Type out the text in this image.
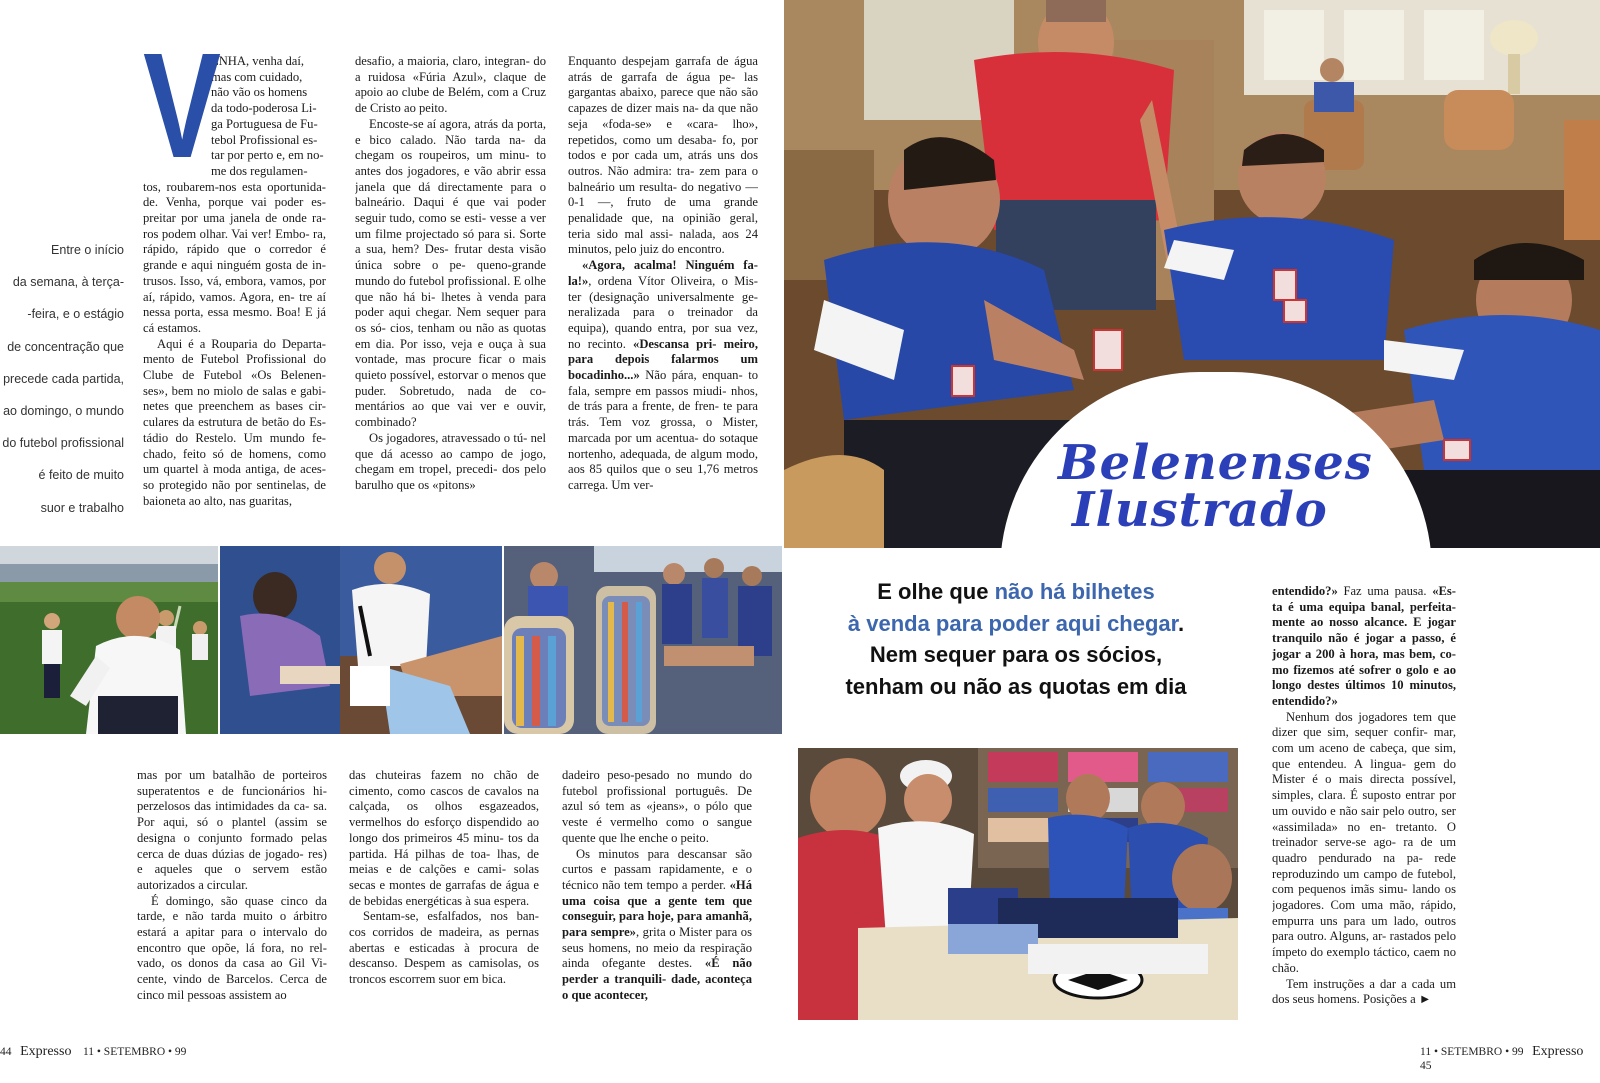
Entre o início
da semana, à terça-
-feira, e o estágio
de concentração que
precede cada partida,
ao domingo, o mundo
do futebol profissional
é feito de muito
suor e trabalho
V
ENHA, venha daí,
mas com cuidado,
não vão os homens
da todo-poderosa Li-
ga Portuguesa de Fu-
tebol Profissional es-
tar por perto e, em no-
me dos regulamen-

tos, roubarem-nos esta oportunida- de. Venha, porque vai poder es- preitar por uma janela de onde ra- ros podem olhar. Vai ver! Embo- ra, rápido, rápido que o corredor é grande e aqui ninguém gosta de in- trusos. Isso, vá, embora, vamos, por aí, rápido, vamos. Agora, en- tre aí nessa porta, essa mesmo. Boa! E já cá estamos.

Aqui é a Rouparia do Departa- mento de Futebol Profissional do Clube de Futebol «Os Belenen- ses», bem no miolo de salas e gabi- netes que preenchem as bases cir- culares da estrutura de betão do Es- tádio do Restelo. Um mundo fe- chado, feito só de homens, como um quartel à moda antiga, de aces- so protegido não por sentinelas, de baioneta ao alto, nas guaritas,

desafio, a maioria, claro, integran- do a ruidosa «Fúria Azul», claque de apoio ao clube de Belém, com a Cruz de Cristo ao peito.

Encoste-se aí agora, atrás da porta, e bico calado. Não tarda na- da chegam os roupeiros, um minu- to antes dos jogadores, e vão abrir essa janela que dá directamente para o balneário. Daqui é que vai poder seguir tudo, como se esti- vesse a ver um filme projectado só para si. Sorte a sua, hem? Des- frutar desta visão única sobre o pe- queno-grande mundo do futebol profissional. E olhe que não há bi- lhetes à venda para poder aqui chegar. Nem sequer para os só- cios, tenham ou não as quotas em dia. Por isso, veja e ouça à sua vontade, mas procure ficar o mais quieto possível, estorvar o menos que puder. Sobretudo, nada de co- mentários ao que vai ver e ouvir, combinado?

Os jogadores, atravessado o tú- nel que dá acesso ao campo de jogo, chegam em tropel, precedi- dos pelo barulho que os «pitons»

Enquanto despejam garrafa de água atrás de garrafa de água pe- las gargantas abaixo, parece que não são capazes de dizer mais na- da que não seja «foda-se» e «cara- lho», repetidos, como um desaba- fo, por todos e por cada um, atrás uns dos outros. Não admira: tra- zem para o balneário um resulta- do negativo — 0-1 —, fruto de uma grande penalidade que, na opinião geral, teria sido mal assi- nalada, aos 24 minutos, pelo juiz do encontro.

«Agora, acalma! Ninguém fa- la!», ordena Vítor Oliveira, o Mis- ter (designação universalmente ge- neralizada para o treinador da equipa), quando entra, por sua vez, no recinto. «Descansa pri- meiro, para depois falarmos um bocadinho...» Não pára, enquan- to fala, sempre em passos miudi- nhos, de trás para a frente, de fren- te para trás. Tem voz grossa, o Mister, marcada por um acentua- do sotaque nortenho, adequada, de algum modo, aos 85 quilos que o seu 1,76 metros carrega. Um ver-

mas por um batalhão de porteiros superatentos e de funcionários hi- perzelosos das intimidades da ca- sa. Por aqui, só o plantel (assim se designa o conjunto formado pelas cerca de duas dúzias de jogado- res) e aqueles que o servem estão autorizados a circular.

É domingo, são quase cinco da tarde, e não tarda muito o árbitro estará a apitar para o intervalo do encontro que opõe, lá fora, no rel- vado, os donos da casa ao Gil Vi- cente, vindo de Barcelos. Cerca de cinco mil pessoas assistem ao

das chuteiras fazem no chão de cimento, como cascos de cavalos na calçada, os olhos esgazeados, vermelhos do esforço dispendido ao longo dos primeiros 45 minu- tos da partida. Há pilhas de toa- lhas, de meias e de calções e cami- solas secas e montes de garrafas de água e de bebidas energéticas à sua espera.

Sentam-se, esfalfados, nos ban- cos corridos de madeira, as pernas abertas e esticadas à procura de descanso. Despem as camisolas, os troncos escorrem suor em bica.

dadeiro peso-pesado no mundo do futebol profissional português. De azul só tem as «jeans», o pólo que veste é vermelho como o sangue quente que lhe enche o peito.

Os minutos para descansar são curtos e passam rapidamente, e o técnico não tem tempo a perder. «Há uma coisa que a gente tem que conseguir, para hoje, para amanhã, para sempre», grita o Mister para os seus homens, no meio da respiração ainda ofegante destes. «É não perder a tranquili- dade, aconteça o que acontecer,

44 Expresso 11 • SETEMBRO • 99
Belenenses
Ilustrado
E olhe que não há bilhetes
à venda para poder aqui chegar.
Nem sequer para os sócios,
tenham ou não as quotas em dia

entendido?» Faz uma pausa. «Es- ta é uma equipa banal, perfeita- mente ao nosso alcance. E jogar tranquilo não é jogar a passo, é jogar a 200 à hora, mas bem, co- mo fizemos até sofrer o golo e ao longo destes últimos 10 minutos, entendido?»

Nenhum dos jogadores tem que dizer que sim, sequer confir- mar, com um aceno de cabeça, que sim, que entendeu. A lingua- gem do Mister é o mais directa possível, simples, clara. É suposto entrar por um ouvido e não sair pelo outro, ser «assimilada» no en- tretanto. O treinador serve-se ago- ra de um quadro pendurado na pa- rede reproduzindo um campo de futebol, com pequenos imãs simu- lando os jogadores. Com uma mão, rápido, empurra uns para um lado, outros para outro. Alguns, ar- rastados pelo ímpeto do exemplo táctico, caem no chão.

Tem instruções a dar a cada um dos seus homens. Posições a ►

11 • SETEMBRO • 99 Expresso    45
